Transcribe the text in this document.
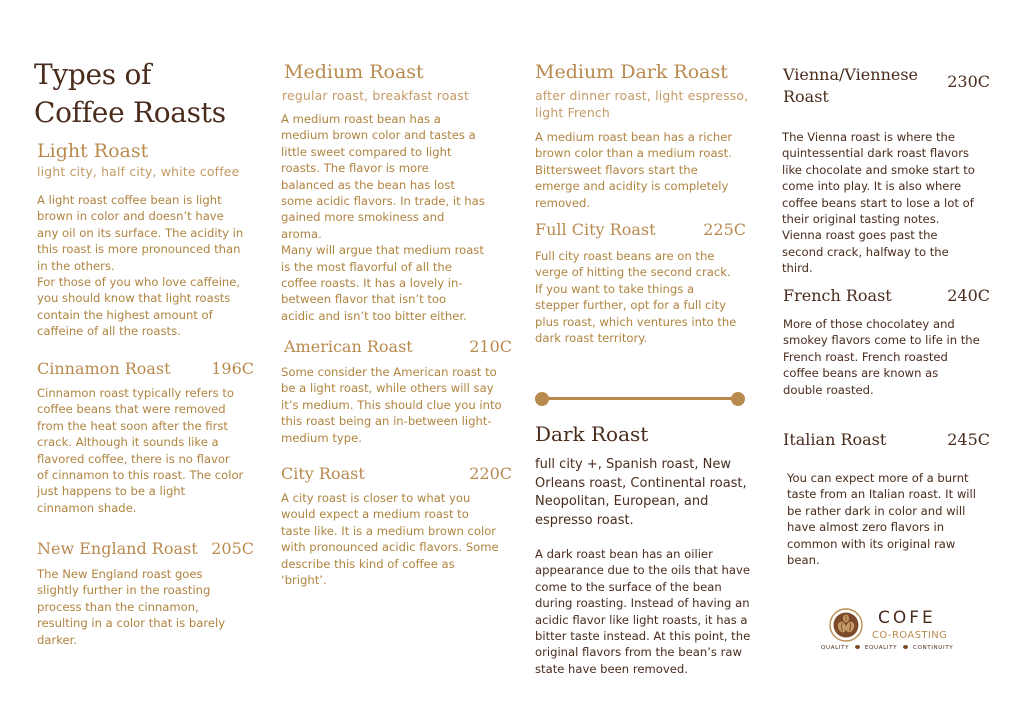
Types of
Coffee Roasts
Light Roast
light city, half city, white coffee
A light roast coffee bean is light
brown in color and doesn’t have
any oil on its surface. The acidity in
this roast is more pronounced than
in the others.
For those of you who love caffeine,
you should know that light roasts
contain the highest amount of
caffeine of all the roasts.
Cinnamon Roast	196C
Cinnamon roast typically refers to
coffee beans that were removed
from the heat soon after the first
crack. Although it sounds like a
flavored coffee, there is no flavor
of cinnamon to this roast. The color
just happens to be a light
cinnamon shade.
New England Roast 205C
The New England roast goes
slightly further in the roasting
process than the cinnamon,
resulting in a color that is barely
darker.
Medium Roast
regular roast, breakfast roast
A medium roast bean has a
medium brown color and tastes a
little sweet compared to light
roasts. The flavor is more
balanced as the bean has lost
some acidic flavors. In trade, it has
gained more smokiness and
aroma.
Many will argue that medium roast
is the most flavorful of all the
coffee roasts. It has a lovely in-
between flavor that isn’t too
acidic and isn’t too bitter either.
American Roast	210C
Some consider the American roast to
be a light roast, while others will say
it’s medium. This should clue you into
this roast being an in-between light-
medium type.
City Roast	220C
A city roast is closer to what you
would expect a medium roast to
taste like. It is a medium brown color
with pronounced acidic flavors. Some
describe this kind of coffee as
‘bright’.
Medium Dark Roast
after dinner roast, light espresso,
light French
A medium roast bean has a richer
brown color than a medium roast.
Bittersweet flavors start the
emerge and acidity is completely
removed.
Full City Roast	225C
Full city roast beans are on the
verge of hitting the second crack.
If you want to take things a
stepper further, opt for a full city
plus roast, which ventures into the
dark roast territory.
Dark Roast
full city +, Spanish roast, New
Orleans roast, Continental roast,
Neopolitan, European, and
espresso roast.
A dark roast bean has an oilier
appearance due to the oils that have
come to the surface of the bean
during roasting. Instead of having an
acidic flavor like light roasts, it has a
bitter taste instead. At this point, the
original flavors from the bean’s raw
state have been removed.
Vienna/Viennese
Roast
230C
The Vienna roast is where the
quintessential dark roast flavors
like chocolate and smoke start to
come into play. It is also where
coffee beans start to lose a lot of
their original tasting notes.
Vienna roast goes past the
second crack, halfway to the
third.
French Roast	240C
More of those chocolatey and
smokey flavors come to life in the
French roast. French roasted
coffee beans are known as
double roasted.
Italian Roast	245C
You can expect more of a burnt
taste from an Italian roast. It will
be rather dark in color and will
have almost zero flavors in
common with its original raw
bean.
COFE
CO-ROASTING
QUALITY	EQUALITY	CONTINUITY
